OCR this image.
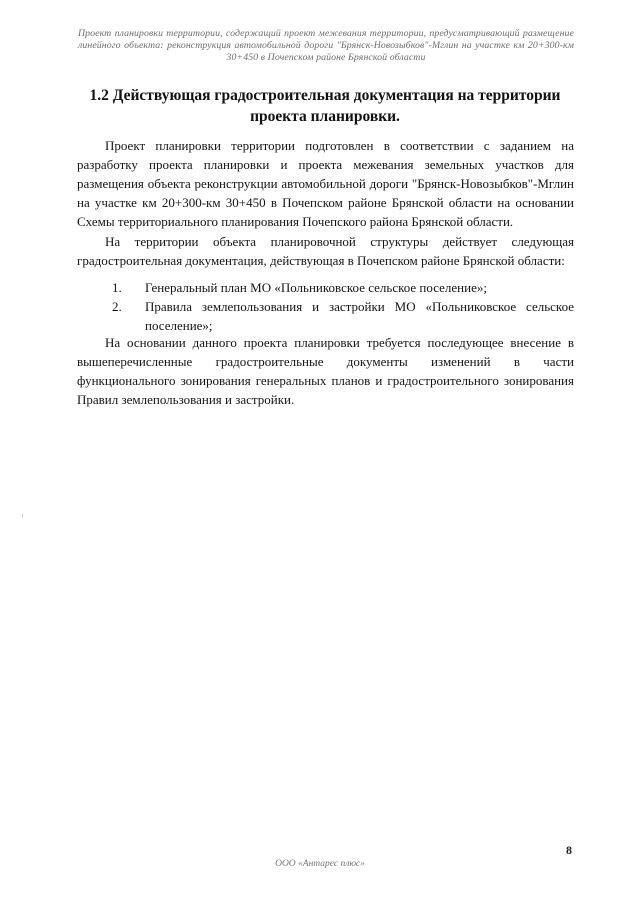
Проект планировки территории, содержащий проект межевания территории, предусматривающий размещение линейного объекта: реконструкция автомобильной дороги "Брянск-Новозыбков"-Мглин на участке км 20+300-км 30+450 в Почепском районе Брянской области
1.2 Действующая градостроительная документация на территории проекта планировки.

Проект планировки территории подготовлен в соответствии с заданием на разработку проекта планировки и проекта межевания земельных участков для размещения объекта реконструкции автомобильной дороги "Брянск-Новозыбков"-Мглин на участке км 20+300-км 30+450 в Почепском районе Брянской области на основании Схемы территориального планирования Почепского района Брянской области.

На территории объекта планировочной структуры действует следующая градостроительная документация, действующая в Почепском районе Брянской области:

1. Генеральный план МО «Польниковское сельское поселение»;
2. Правила землепользования и застройки МО «Польниковское сельское поселение»;

На основании данного проекта планировки требуется последующее внесение в вышеперечисленные градостроительные документы изменений в части функционального зонирования генеральных планов и градостроительного зонирования Правил землепользования и застройки.

8
ООО «Антарес плюс»
